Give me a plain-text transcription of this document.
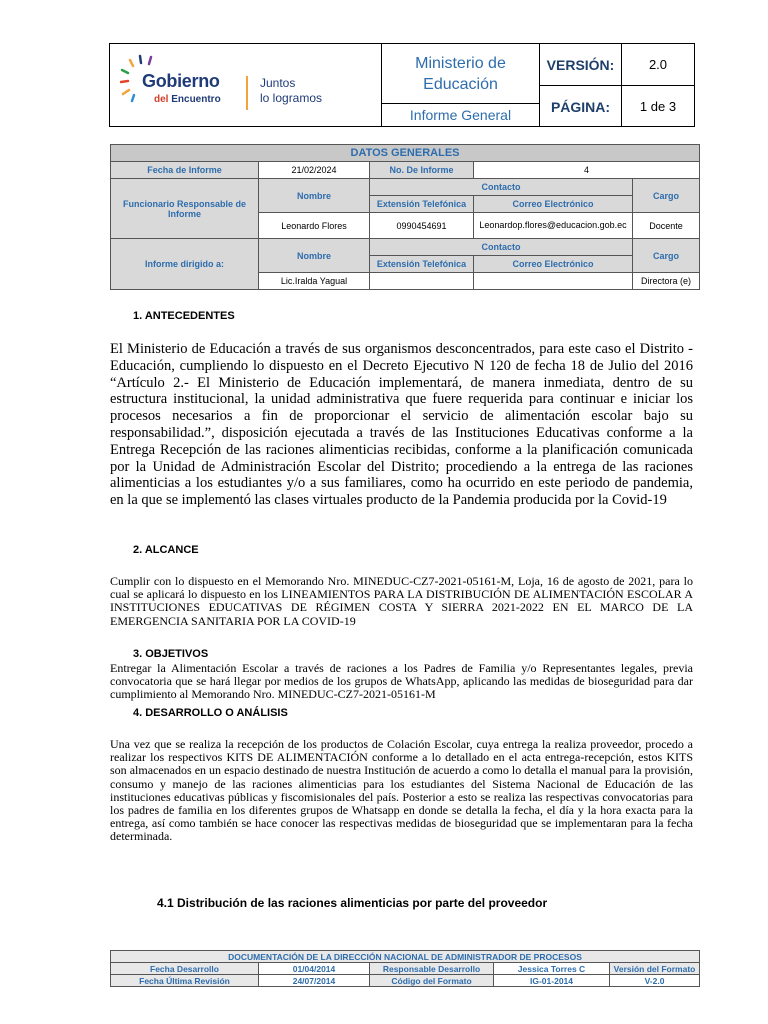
Gobierno
del Encuentro
Juntos
lo logramos
Ministerio de Educación
Informe General
VERSIÓN:	2.0
PÁGINA:	1 de 3
DATOS GENERALES				
Fecha de Informe	21/02/2024	No. De Informe	4	
Funcionario Responsable de Informe	Nombre	Contacto		Cargo
		Extensión Telefónica	Correo Electrónico	
	Leonardo Flores	0990454691	Leonardop.flores@educacion.gob.ec	Docente
Informe dirigido a:	Nombre	Contacto		Cargo
		Extensión Telefónica	Correo Electrónico	
	Lic.Iralda Yagual			Directora (e)
1. ANTECEDENTES
El Ministerio de Educación a través de sus organismos desconcentrados, para este caso el Distrito -Educación, cumpliendo lo dispuesto en el Decreto Ejecutivo N 120 de fecha 18 de Julio del 2016 “Artículo 2.- El Ministerio de Educación implementará, de manera inmediata, dentro de su estructura institucional, la unidad administrativa que fuere requerida para continuar e iniciar los procesos necesarios a fin de proporcionar el servicio de alimentación escolar bajo su responsabilidad.”, disposición ejecutada a través de las Instituciones Educativas conforme a la Entrega Recepción de las raciones alimenticias recibidas, conforme a la planificación comunicada por la Unidad de Administración Escolar del Distrito; procediendo a la entrega de las raciones alimenticias a los estudiantes y/o a sus familiares, como ha ocurrido en este periodo de pandemia, en la que se implementó las clases virtuales producto de la Pandemia producida por la Covid-19
2. ALCANCE
Cumplir con lo dispuesto en el Memorando Nro. MINEDUC-CZ7-2021-05161-M, Loja, 16 de agosto de 2021, para lo cual se aplicará lo dispuesto en los LINEAMIENTOS PARA LA DISTRIBUCIÓN DE ALIMENTACIÓN ESCOLAR A INSTITUCIONES EDUCATIVAS DE RÉGIMEN COSTA Y SIERRA 2021-2022 EN EL MARCO DE LA EMERGENCIA SANITARIA POR LA COVID-19
3. OBJETIVOS
Entregar la Alimentación Escolar a través de raciones a los Padres de Familia y/o Representantes legales, previa convocatoria que se hará llegar por medios de los grupos de WhatsApp, aplicando las medidas de bioseguridad para dar cumplimiento al Memorando Nro. MINEDUC-CZ7-2021-05161-M
4. DESARROLLO O ANÁLISIS
Una vez que se realiza la recepción de los productos de Colación Escolar, cuya entrega la realiza proveedor, procedo a realizar los respectivos KITS DE ALIMENTACIÓN conforme a lo detallado en el acta entrega-recepción, estos KITS son almacenados en un espacio destinado de nuestra Institución de acuerdo a como lo detalla el manual para la provisión, consumo y manejo de las raciones alimenticias para los estudiantes del Sistema Nacional de Educación de las instituciones educativas públicas y fiscomisionales del país. Posterior a esto se realiza las respectivas convocatorias para los padres de familia en los diferentes grupos de Whatsapp en donde se detalla la fecha, el día y la hora exacta para la entrega, así como también se hace conocer las respectivas medidas de bioseguridad que se implementaran para la fecha determinada.
4.1 Distribución de las raciones alimenticias por parte del proveedor
DOCUMENTACIÓN DE LA DIRECCIÓN NACIONAL DE ADMINISTRADOR DE PROCESOS				
Fecha Desarrollo	01/04/2014	Responsable Desarrollo	Jessica Torres C	Versión del Formato
Fecha Última Revisión	24/07/2014	Código del Formato	IG-01-2014	V-2.0
